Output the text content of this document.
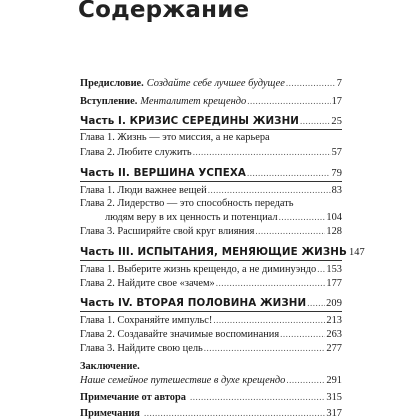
Содержание
Предисловие. Создайте себе лучшее будущее .....	7
Вступление. Менталитет крещендо .....	17
Часть I. КРИЗИС СЕРЕДИНЫ ЖИЗНИ .....	25
Глава 1. Жизнь — это миссия, а не карьера
Глава 2. Любите служить .....	57
Часть II. ВЕРШИНА УСПЕХА .....	79
Глава 1. Люди важнее вещей .....	83
Глава 2. Лидерство — это способность передать
людям веру в их ценность и потенциал .....	104
Глава 3. Расширяйте свой круг влияния .....	128
Часть III. ИСПЫТАНИЯ, МЕНЯЮЩИЕ ЖИЗНЬ 147
Глава 1. Выберите жизнь крещендо, а не диминуэндо ..... 153
Глава 2. Найдите свое «зачем» .....	177
Часть IV. ВТОРАЯ ПОЛОВИНА ЖИЗНИ ..... 209
Глава 1. Сохраняйте импульс! .....	213
Глава 2. Создавайте значимые воспоминания .....	263
Глава 3. Найдите свою цель .....	277
Заключение.
Наше семейное путешествие в духе крещендо .....	291
Примечание от автора .....	315
Примечания .....	317
